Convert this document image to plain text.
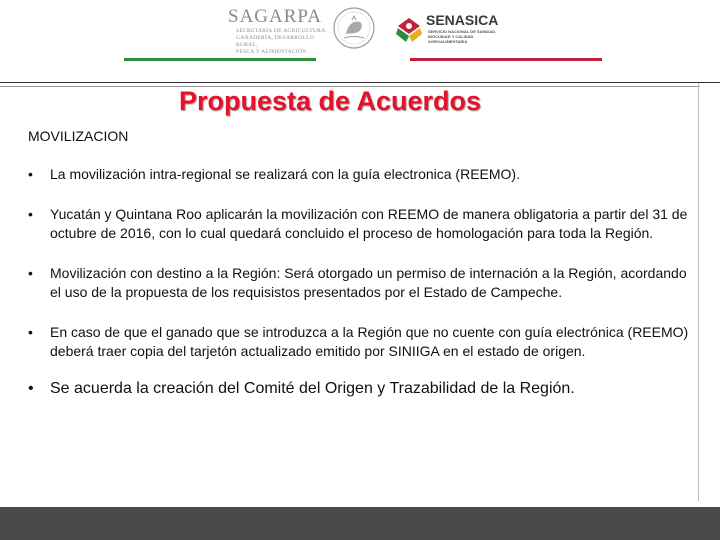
SAGARPA
SECRETARÍA DE AGRICULTURA,
GANADERÍA, DESARROLLO RURAL,
PESCA Y ALIMENTACIÓN
SENASICA
SERVICIO NACIONAL DE SANIDAD,
INOCUIDAD Y CALIDAD
AGROALIMENTARIA
Propuesta de Acuerdos
MOVILIZACION
• La movilización intra-regional se realizará con la guía electronica (REEMO).
• Yucatán y Quintana Roo aplicarán la movilización con REEMO de manera obligatoria a partir del 31 de octubre de 2016, con lo cual quedará concluido el proceso de homologación para toda la Región.
• Movilización con destino a la Región: Será otorgado un permiso de internación a la Región, acordando el uso de la propuesta de los requisistos presentados por el Estado de Campeche.
• En caso de que el ganado que se introduzca a la Región que no cuente con guía electrónica (REEMO) deberá traer copia del tarjetón actualizado emitido por SINIIGA en el estado de origen.
• Se acuerda la creación del Comité del Origen y Trazabilidad de la Región.
